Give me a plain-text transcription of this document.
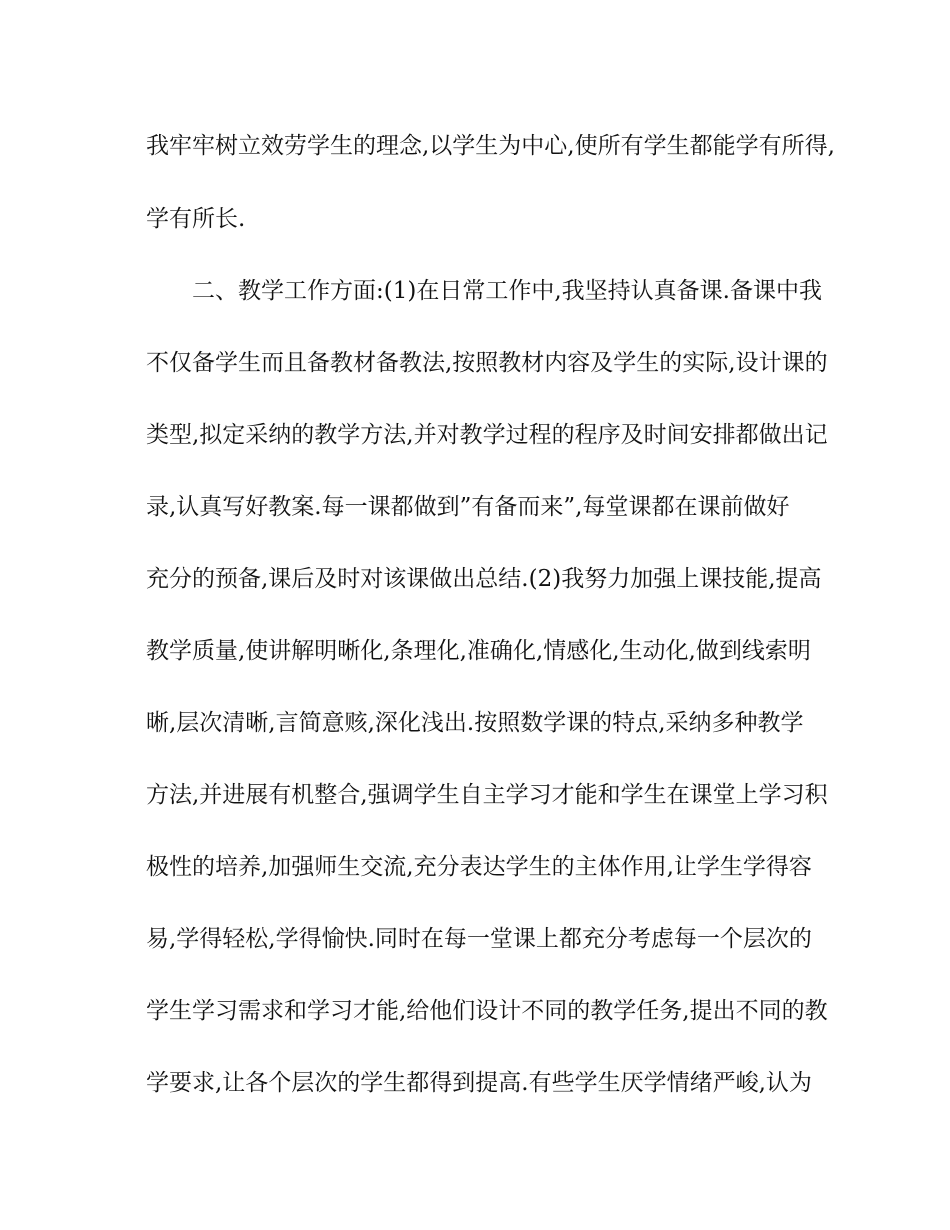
我牢牢树立效劳学生的理念,以学生为中心,使所有学生都能学有所得,
学有所长.
二、教学工作方面:(1)在日常工作中,我坚持认真备课.备课中我
不仅备学生而且备教材备教法,按照教材内容及学生的实际,设计课的
类型,拟定采纳的教学方法,并对教学过程的程序及时间安排都做出记
录,认真写好教案.每一课都做到”有备而来”,每堂课都在课前做好
充分的预备,课后及时对该课做出总结.(2)我努力加强上课技能,提高
教学质量,使讲解明晰化,条理化,准确化,情感化,生动化,做到线索明
晰,层次清晰,言简意赅,深化浅出.按照数学课的特点,采纳多种教学
方法,并进展有机整合,强调学生自主学习才能和学生在课堂上学习积
极性的培养,加强师生交流,充分表达学生的主体作用,让学生学得容
易,学得轻松,学得愉快.同时在每一堂课上都充分考虑每一个层次的
学生学习需求和学习才能,给他们设计不同的教学任务,提出不同的教
学要求,让各个层次的学生都得到提高.有些学生厌学情绪严峻,认为
